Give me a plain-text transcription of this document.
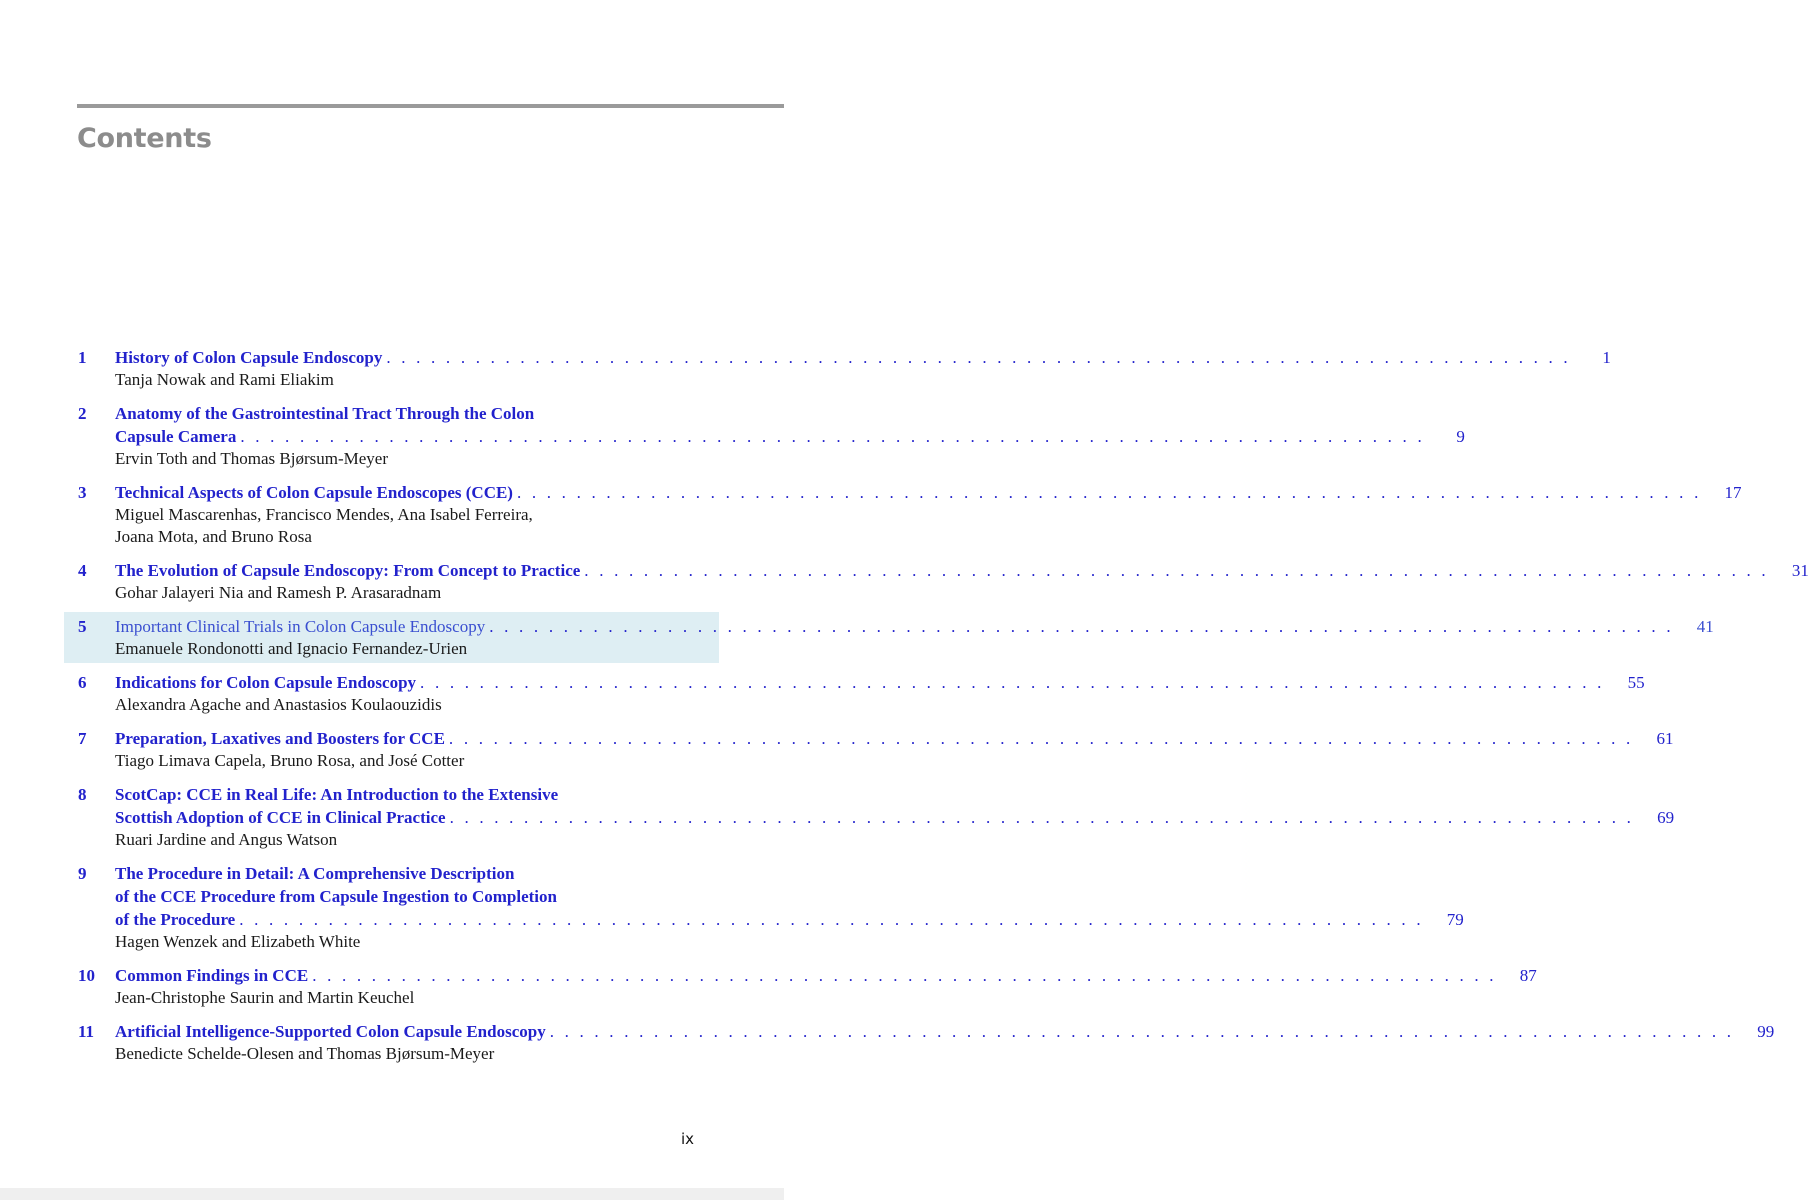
Contents
1 History of Colon Capsule Endoscopy . . . . . . . . . . . . . . . . . . . . . . . . . . . . . . . . . . . . . . . . . . . . . . . . . . . . . . . . . . . . . . . . . . . . . . . . . . . . . . . .	1
Tanja Nowak and Rami Eliakim
2 Anatomy of the Gastrointestinal Tract Through the Colon
Capsule Camera . . . . . . . . . . . . . . . . . . . . . . . . . . . . . . . . . . . . . . . . . . . . . . . . . . . . . . . . . . . . . . . . . . . . . . . . . . . . . . . .	9
Ervin Toth and Thomas Bjørsum-Meyer
3 Technical Aspects of Colon Capsule Endoscopes (CCE) . . . . . . . . . . . . . . . . . . . . . . . . . . . . . . . . . . . . . . . . . . . . . . . . . . . . . . . . . . . . . . . . . . . . . . . . . . . . . . . .	17
Miguel Mascarenhas, Francisco Mendes, Ana Isabel Ferreira,
Joana Mota, and Bruno Rosa
4 The Evolution of Capsule Endoscopy: From Concept to Practice . . . . . . . . . . . . . . . . . . . . . . . . . . . . . . . . . . . . . . . . . . . . . . . . . . . . . . . . . . . . . . . . . . . . . . . . . . . . . . . .	31
Gohar Jalayeri Nia and Ramesh P. Arasaradnam
5 Important Clinical Trials in Colon Capsule Endoscopy . . . . . . . . . . . . . . . . . . . . . . . . . . . . . . . . . . . . . . . . . . . . . . . . . . . . . . . . . . . . . . . . . . . . . . . . . . . . . . . .	41
Emanuele Rondonotti and Ignacio Fernandez-Urien
6 Indications for Colon Capsule Endoscopy . . . . . . . . . . . . . . . . . . . . . . . . . . . . . . . . . . . . . . . . . . . . . . . . . . . . . . . . . . . . . . . . . . . . . . . . . . . . . . . .	55
Alexandra Agache and Anastasios Koulaouzidis
7 Preparation, Laxatives and Boosters for CCE . . . . . . . . . . . . . . . . . . . . . . . . . . . . . . . . . . . . . . . . . . . . . . . . . . . . . . . . . . . . . . . . . . . . . . . . . . . . . . . .	61
Tiago Limava Capela, Bruno Rosa, and José Cotter
8 ScotCap: CCE in Real Life: An Introduction to the Extensive
Scottish Adoption of CCE in Clinical Practice . . . . . . . . . . . . . . . . . . . . . . . . . . . . . . . . . . . . . . . . . . . . . . . . . . . . . . . . . . . . . . . . . . . . . . . . . . . . . . . .	69
Ruari Jardine and Angus Watson
9 The Procedure in Detail: A Comprehensive Description
of the CCE Procedure from Capsule Ingestion to Completion
of the Procedure . . . . . . . . . . . . . . . . . . . . . . . . . . . . . . . . . . . . . . . . . . . . . . . . . . . . . . . . . . . . . . . . . . . . . . . . . . . . . . . .	79
Hagen Wenzek and Elizabeth White
10 Common Findings in CCE . . . . . . . . . . . . . . . . . . . . . . . . . . . . . . . . . . . . . . . . . . . . . . . . . . . . . . . . . . . . . . . . . . . . . . . . . . . . . . . .	87
Jean-Christophe Saurin and Martin Keuchel
11 Artificial Intelligence-Supported Colon Capsule Endoscopy . . . . . . . . . . . . . . . . . . . . . . . . . . . . . . . . . . . . . . . . . . . . . . . . . . . . . . . . . . . . . . . . . . . . . . . . . . . . . . . .	99
Benedicte Schelde-Olesen and Thomas Bjørsum-Meyer
ix
